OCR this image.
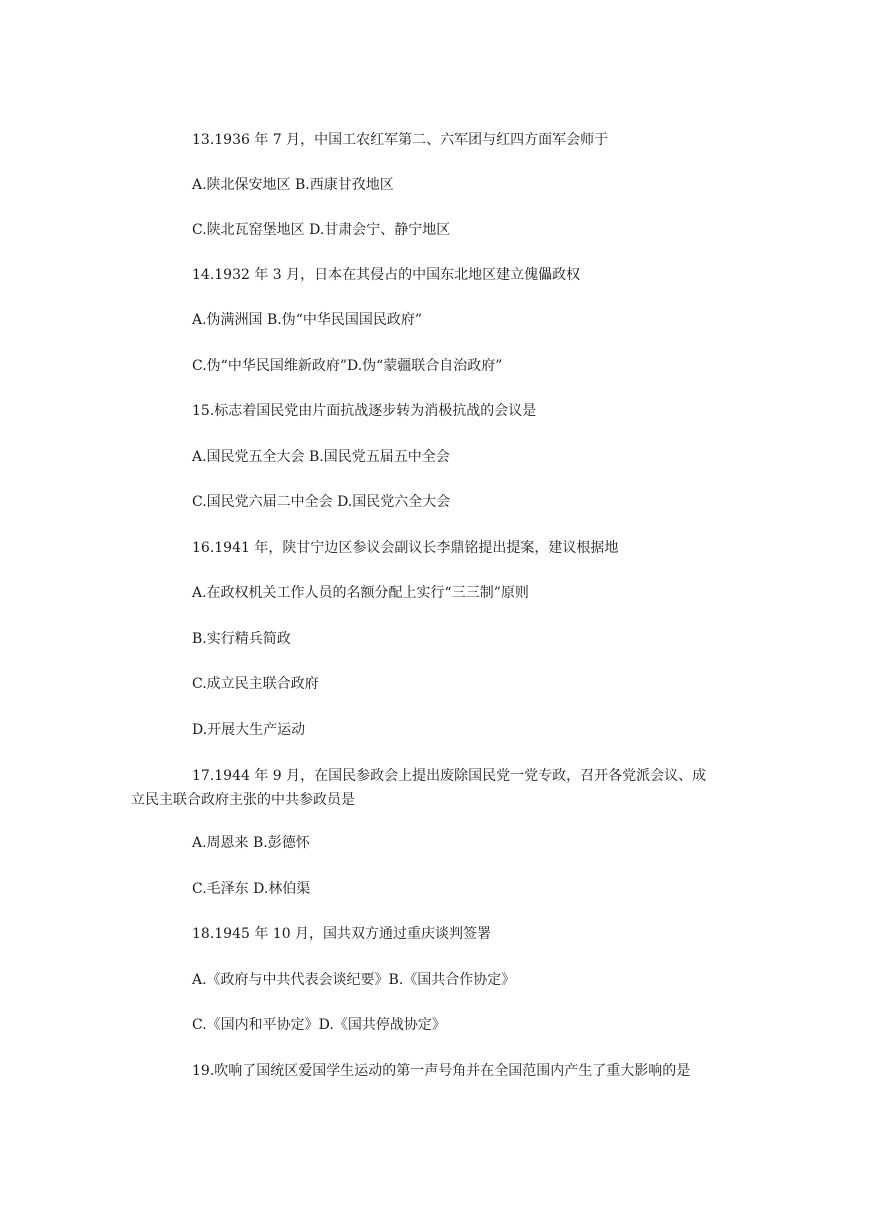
13.1936 年 7 月，中国工农红军第二、六军团与红四方面军会师于
A.陕北保安地区 B.西康甘孜地区
C.陕北瓦窑堡地区 D.甘肃会宁、静宁地区
14.1932 年 3 月，日本在其侵占的中国东北地区建立傀儡政权
A.伪满洲国 B.伪“中华民国国民政府”
C.伪“中华民国维新政府”D.伪“蒙疆联合自治政府”
15.标志着国民党由片面抗战逐步转为消极抗战的会议是
A.国民党五全大会 B.国民党五届五中全会
C.国民党六届二中全会 D.国民党六全大会
16.1941 年，陕甘宁边区参议会副议长李鼎铭提出提案，建议根据地
A.在政权机关工作人员的名额分配上实行“三三制”原则
B.实行精兵简政
C.成立民主联合政府
D.开展大生产运动
17.1944 年 9 月，在国民参政会上提出废除国民党一党专政，召开各党派会议、成
立民主联合政府主张的中共参政员是
A.周恩来 B.彭德怀
C.毛泽东 D.林伯渠
18.1945 年 10 月，国共双方通过重庆谈判签署
A.《政府与中共代表会谈纪要》B.《国共合作协定》
C.《国内和平协定》D.《国共停战协定》
19.吹响了国统区爱国学生运动的第一声号角并在全国范围内产生了重大影响的是
